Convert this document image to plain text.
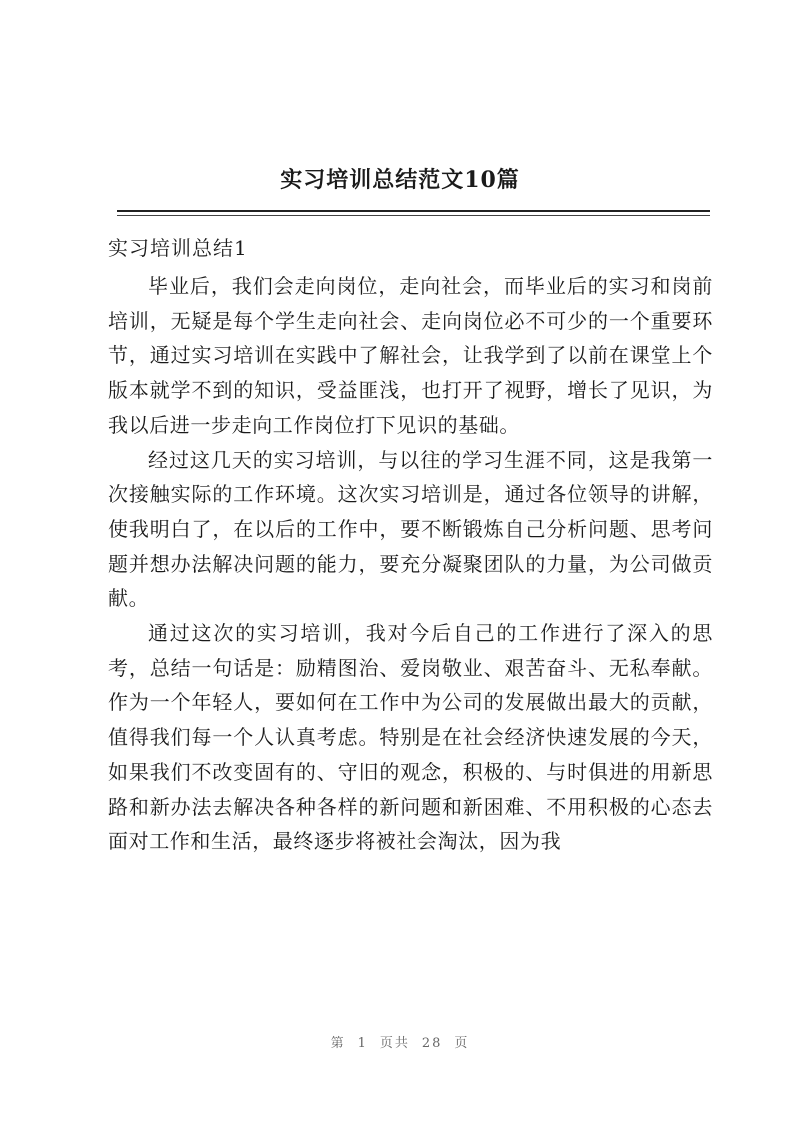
实习培训总结范文10篇
实习培训总结1

毕业后，我们会走向岗位，走向社会，而毕业后的实习和岗前培训，无疑是每个学生走向社会、走向岗位必不可少的一个重要环节，通过实习培训在实践中了解社会，让我学到了以前在课堂上个版本就学不到的知识，受益匪浅，也打开了视野，增长了见识，为我以后进一步走向工作岗位打下见识的基础。

经过这几天的实习培训，与以往的学习生涯不同，这是我第一次接触实际的工作环境。这次实习培训是，通过各位领导的讲解，使我明白了，在以后的工作中，要不断锻炼自己分析问题、思考问题并想办法解决问题的能力，要充分凝聚团队的力量，为公司做贡献。

通过这次的实习培训，我对今后自己的工作进行了深入的思考，总结一句话是：励精图治、爱岗敬业、艰苦奋斗、无私奉献。作为一个年轻人，要如何在工作中为公司的发展做出最大的贡献，值得我们每一个人认真考虑。特别是在社会经济快速发展的今天，如果我们不改变固有的、守旧的观念，积极的、与时俱进的用新思路和新办法去解决各种各样的新问题和新困难、不用积极的心态去面对工作和生活，最终逐步将被社会淘汰，因为我

第 1 页共 28 页
